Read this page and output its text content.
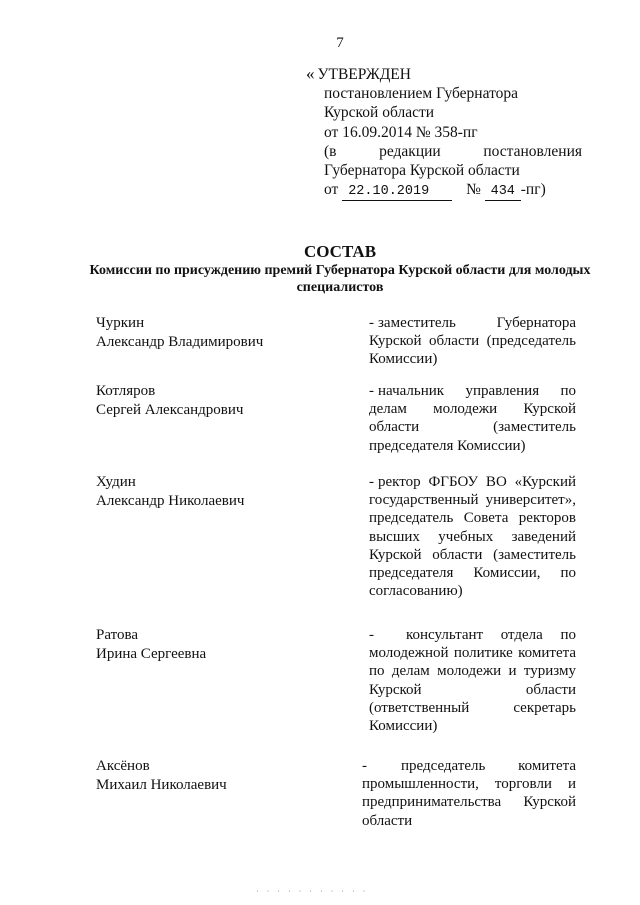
7
« УТВЕРЖДЕН
постановлением Губернатора
Курской области
от 16.09.2014 № 358-пг
(в	редакции	постановления
Губернатора Курской области
от 22.10.2019 № 434 -пг)
СОСТАВ
Комиссии по присуждению премий Губернатора Курской области для молодых специалистов
Чуркин
Александр Владимирович
- заместитель Губернатора Курской области (председатель Комиссии)
Котляров
Сергей Александрович
- начальник управления по делам молодежи Курской области (заместитель председателя Комиссии)
Худин
Александр Николаевич
- ректор ФГБОУ ВО «Курский государственный университет», председатель Совета ректоров высших учебных заведений Курской области (заместитель председателя Комиссии, по согласованию)
Ратова
Ирина Сергеевна
- консультант отдела по молодежной политике комитета по делам молодежи и туризму Курской области (ответственный секретарь Комиссии)
Аксёнов
Михаил Николаевич
- председатель комитета промышленности, торговли и предпринимательства Курской области
· · · · · · · · · · ·
